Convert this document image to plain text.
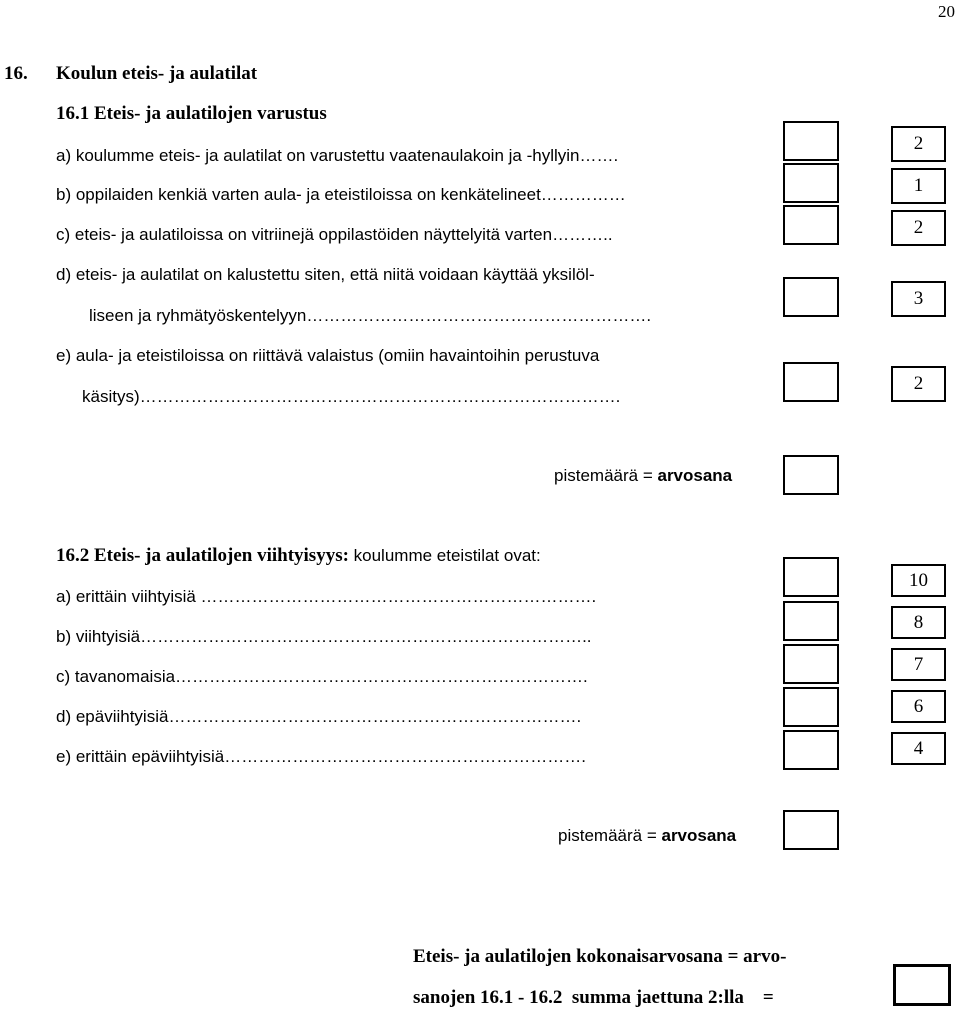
20
16. Koulun eteis- ja aulatilat
16.1 Eteis- ja aulatilojen varustus
a) koulumme eteis- ja aulatilat on varustettu vaatenaulakoin ja -hyllyin…….
b) oppilaiden kenkiä varten aula- ja eteistiloissa on kenkätelineet……………
c) eteis- ja aulatiloissa on vitriinejä oppilastöiden näyttelyitä varten………..
d) eteis- ja aulatilat on kalustettu siten, että niitä voidaan käyttää yksilöl-
liseen ja ryhmätyöskentelyyn…………………………………………………….
e) aula- ja eteistiloissa on riittävä valaistus (omiin havaintoihin perustuva
käsitys)………………………………………………………………………….
2
1
2
3
2
pistemäärä = arvosana
16.2 Eteis- ja aulatilojen viihtyisyys: koulumme eteistilat ovat:
a) erittäin viihtyisiä …………………………………………………………….
b) viihtyisiä……………………………………………………………………..
c) tavanomaisia……………………………………………………………….
d) epäviihtyisiä……………………………………………………………….
e) erittäin epäviihtyisiä……………………………………………………….
10
8
7
6
4
pistemäärä = arvosana
Eteis- ja aulatilojen kokonaisarvosana = arvo-
sanojen 16.1 - 16.2  summa jaettuna 2:lla    =
